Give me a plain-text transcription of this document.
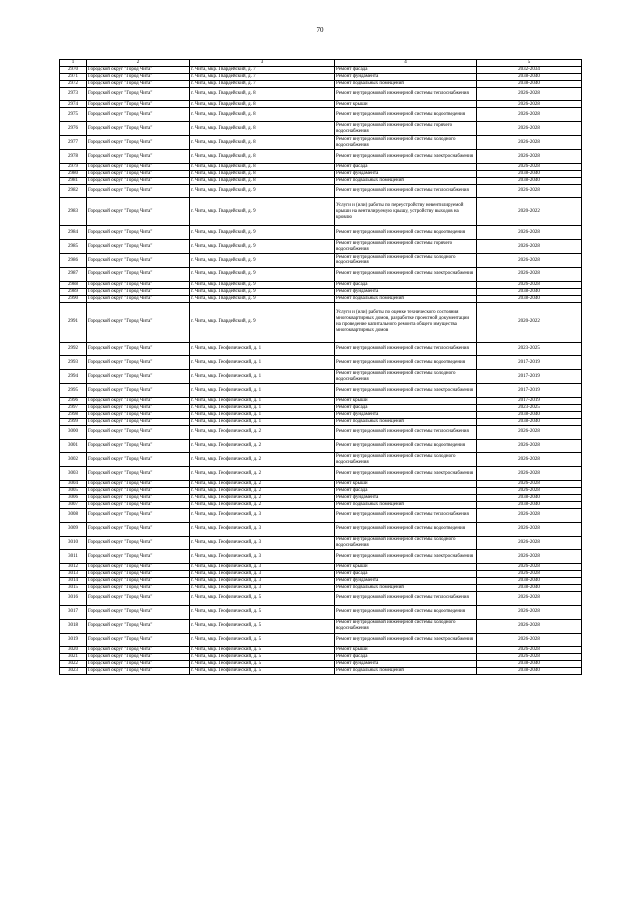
70
1	2	3	4	5
2970	Городской округ "Город Чита"	г. Чита, мкр. Гвардейский, д. 7	Ремонт фасада	2032-2034
2971	Городской округ "Город Чита"	г. Чита, мкр. Гвардейский, д. 7	Ремонт фундамента	2038-2040
2972	Городской округ "Город Чита"	г. Чита, мкр. Гвардейский, д. 7	Ремонт подвальных помещений	2038-2040
2973	Городской округ "Город Чита"	г. Чита, мкр. Гвардейский, д. 8	Ремонт внутридомовой инженерной системы теплоснабжения	2026-2028
2974	Городской округ "Город Чита"	г. Чита, мкр. Гвардейский, д. 8	Ремонт крыши	2026-2028
2975	Городской округ "Город Чита"	г. Чита, мкр. Гвардейский, д. 8	Ремонт внутридомовой инженерной системы водоотведения	2026-2028
2976	Городской округ "Город Чита"	г. Чита, мкр. Гвардейский, д. 8	Ремонт внутридомовой инженерной системы горячего водоснабжения	2026-2028
2977	Городской округ "Город Чита"	г. Чита, мкр. Гвардейский, д. 8	Ремонт внутридомовой инженерной системы холодного водоснабжения	2026-2028
2978	Городской округ "Город Чита"	г. Чита, мкр. Гвардейский, д. 8	Ремонт внутридомовой инженерной системы электроснабжения	2026-2028
2979	Городской округ "Город Чита"	г. Чита, мкр. Гвардейский, д. 8	Ремонт фасада	2026-2028
2980	Городской округ "Город Чита"	г. Чита, мкр. Гвардейский, д. 8	Ремонт фундамента	2038-2040
2981	Городской округ "Город Чита"	г. Чита, мкр. Гвардейский, д. 8	Ремонт подвальных помещений	2038-2040
2982	Городской округ "Город Чита"	г. Чита, мкр. Гвардейский, д. 9	Ремонт внутридомовой инженерной системы теплоснабжения	2026-2028
2983	Городской округ "Город Чита"	г. Чита, мкр. Гвардейский, д. 9	Услуги и (или) работы по переустройству невентилируемой крыши на вентилируемую крышу, устройству выходов на кровлю	2020-2022
2984	Городской округ "Город Чита"	г. Чита, мкр. Гвардейский, д. 9	Ремонт внутридомовой инженерной системы водоотведения	2026-2028
2985	Городской округ "Город Чита"	г. Чита, мкр. Гвардейский, д. 9	Ремонт внутридомовой инженерной системы горячего водоснабжения	2026-2028
2986	Городской округ "Город Чита"	г. Чита, мкр. Гвардейский, д. 9	Ремонт внутридомовой инженерной системы холодного водоснабжения	2026-2028
2987	Городской округ "Город Чита"	г. Чита, мкр. Гвардейский, д. 9	Ремонт внутридомовой инженерной системы электроснабжения	2026-2028
2988	Городской округ "Город Чита"	г. Чита, мкр. Гвардейский, д. 9	Ремонт фасада	2026-2028
2989	Городской округ "Город Чита"	г. Чита, мкр. Гвардейский, д. 9	Ремонт фундамента	2038-2040
2990	Городской округ "Город Чита"	г. Чита, мкр. Гвардейский, д. 9	Ремонт подвальных помещений	2038-2040
2991	Городской округ "Город Чита"	г. Чита, мкр. Гвардейский, д. 9	Услуги и (или) работы по оценке технического состояния многоквартирных домов, разработке проектной документации на проведение капитального ремонта общего имущества многоквартирных домов	2020-2022
2992	Городской округ "Город Чита"	г. Чита, мкр. Геофизический, д. 1	Ремонт внутридомовой инженерной системы теплоснабжения	2023-2025
2993	Городской округ "Город Чита"	г. Чита, мкр. Геофизический, д. 1	Ремонт внутридомовой инженерной системы водоотведения	2017-2019
2994	Городской округ "Город Чита"	г. Чита, мкр. Геофизический, д. 1	Ремонт внутридомовой инженерной системы холодного водоснабжения	2017-2019
2995	Городской округ "Город Чита"	г. Чита, мкр. Геофизический, д. 1	Ремонт внутридомовой инженерной системы электроснабжения	2017-2019
2996	Городской округ "Город Чита"	г. Чита, мкр. Геофизический, д. 1	Ремонт крыши	2017-2019
2997	Городской округ "Город Чита"	г. Чита, мкр. Геофизический, д. 1	Ремонт фасада	2023-2025
2998	Городской округ "Город Чита"	г. Чита, мкр. Геофизический, д. 1	Ремонт фундамента	2038-2040
2999	Городской округ "Город Чита"	г. Чита, мкр. Геофизический, д. 1	Ремонт подвальных помещений	2038-2040
3000	Городской округ "Город Чита"	г. Чита, мкр. Геофизический, д. 2	Ремонт внутридомовой инженерной системы теплоснабжения	2026-2028
3001	Городской округ "Город Чита"	г. Чита, мкр. Геофизический, д. 2	Ремонт внутридомовой инженерной системы водоотведения	2026-2028
3002	Городской округ "Город Чита"	г. Чита, мкр. Геофизический, д. 2	Ремонт внутридомовой инженерной системы холодного водоснабжения	2026-2028
3003	Городской округ "Город Чита"	г. Чита, мкр. Геофизический, д. 2	Ремонт внутридомовой инженерной системы электроснабжения	2026-2028
3004	Городской округ "Город Чита"	г. Чита, мкр. Геофизический, д. 2	Ремонт крыши	2026-2028
3005	Городской округ "Город Чита"	г. Чита, мкр. Геофизический, д. 2	Ремонт фасада	2026-2028
3006	Городской округ "Город Чита"	г. Чита, мкр. Геофизический, д. 2	Ремонт фундамента	2038-2040
3007	Городской округ "Город Чита"	г. Чита, мкр. Геофизический, д. 2	Ремонт подвальных помещений	2038-2040
3008	Городской округ "Город Чита"	г. Чита, мкр. Геофизический, д. 3	Ремонт внутридомовой инженерной системы теплоснабжения	2026-2028
3009	Городской округ "Город Чита"	г. Чита, мкр. Геофизический, д. 3	Ремонт внутридомовой инженерной системы водоотведения	2026-2028
3010	Городской округ "Город Чита"	г. Чита, мкр. Геофизический, д. 3	Ремонт внутридомовой инженерной системы холодного водоснабжения	2026-2028
3011	Городской округ "Город Чита"	г. Чита, мкр. Геофизический, д. 3	Ремонт внутридомовой инженерной системы электроснабжения	2026-2028
3012	Городской округ "Город Чита"	г. Чита, мкр. Геофизический, д. 3	Ремонт крыши	2026-2028
3013	Городской округ "Город Чита"	г. Чита, мкр. Геофизический, д. 3	Ремонт фасада	2026-2028
3014	Городской округ "Город Чита"	г. Чита, мкр. Геофизический, д. 3	Ремонт фундамента	2038-2040
3015	Городской округ "Город Чита"	г. Чита, мкр. Геофизический, д. 3	Ремонт подвальных помещений	2038-2040
3016	Городской округ "Город Чита"	г. Чита, мкр. Геофизический, д. 5	Ремонт внутридомовой инженерной системы теплоснабжения	2026-2028
3017	Городской округ "Город Чита"	г. Чита, мкр. Геофизический, д. 5	Ремонт внутридомовой инженерной системы водоотведения	2026-2028
3018	Городской округ "Город Чита"	г. Чита, мкр. Геофизический, д. 5	Ремонт внутридомовой инженерной системы холодного водоснабжения	2026-2028
3019	Городской округ "Город Чита"	г. Чита, мкр. Геофизический, д. 5	Ремонт внутридомовой инженерной системы электроснабжения	2026-2028
3020	Городской округ "Город Чита"	г. Чита, мкр. Геофизический, д. 5	Ремонт крыши	2026-2028
3021	Городской округ "Город Чита"	г. Чита, мкр. Геофизический, д. 5	Ремонт фасада	2026-2028
3022	Городской округ "Город Чита"	г. Чита, мкр. Геофизический, д. 5	Ремонт фундамента	2038-2040
3023	Городской округ "Город Чита"	г. Чита, мкр. Геофизический, д. 5	Ремонт подвальных помещений	2038-2040
